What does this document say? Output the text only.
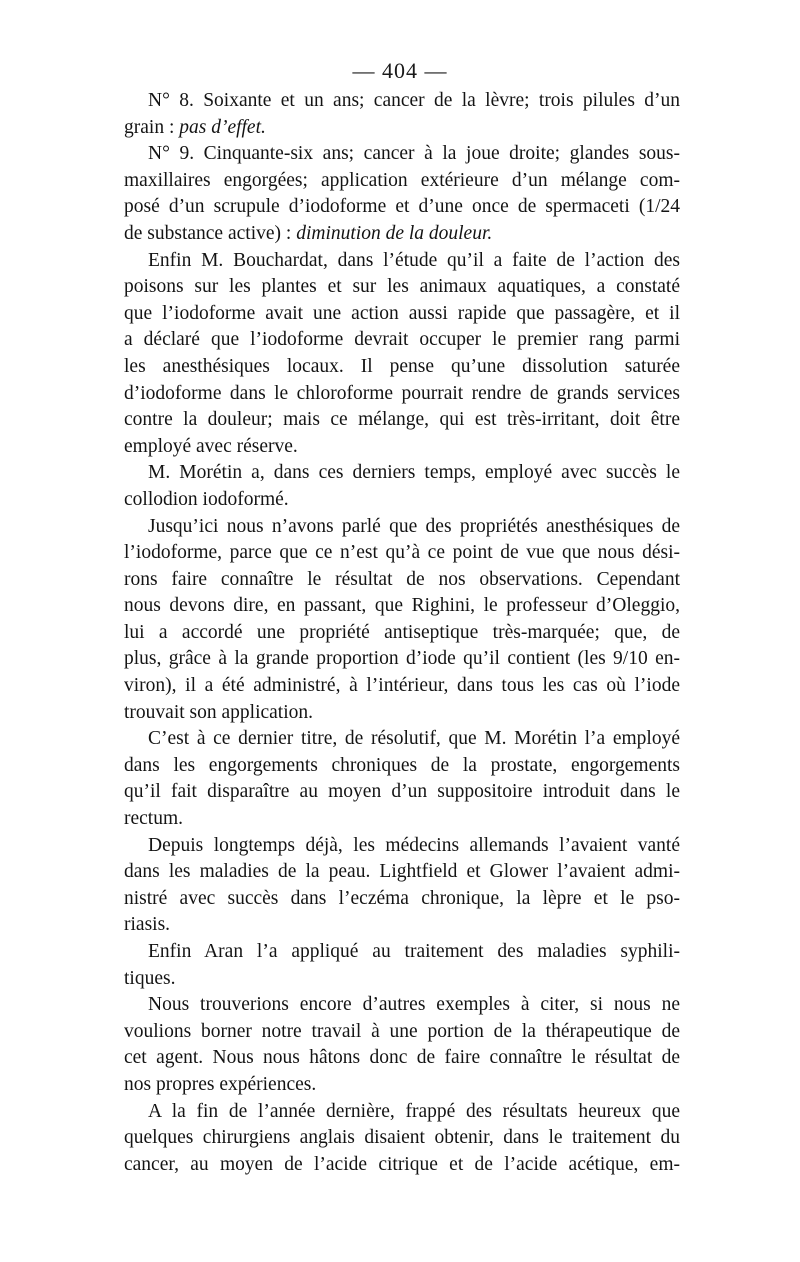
— 404 —
N° 8. Soixante et un ans; cancer de la lèvre; trois pilules d’un
grain : pas d’effet.
N° 9. Cinquante-six ans; cancer à la joue droite; glandes sous-
maxillaires engorgées; application extérieure d’un mélange com-
posé d’un scrupule d’iodoforme et d’une once de spermaceti (1/24
de substance active) : diminution de la douleur.
Enfin M. Bouchardat, dans l’étude qu’il a faite de l’action des
poisons sur les plantes et sur les animaux aquatiques, a constaté
que l’iodoforme avait une action aussi rapide que passagère, et il
a déclaré que l’iodoforme devrait occuper le premier rang parmi
les anesthésiques locaux. Il pense qu’une dissolution saturée
d’iodoforme dans le chloroforme pourrait rendre de grands services
contre la douleur; mais ce mélange, qui est très-irritant, doit être
employé avec réserve.
M. Morétin a, dans ces derniers temps, employé avec succès le
collodion iodoformé.
Jusqu’ici nous n’avons parlé que des propriétés anesthésiques de
l’iodoforme, parce que ce n’est qu’à ce point de vue que nous dési-
rons faire connaître le résultat de nos observations. Cependant
nous devons dire, en passant, que Righini, le professeur d’Oleggio,
lui a accordé une propriété antiseptique très-marquée; que, de
plus, grâce à la grande proportion d’iode qu’il contient (les 9/10 en-
viron), il a été administré, à l’intérieur, dans tous les cas où l’iode
trouvait son application.
C’est à ce dernier titre, de résolutif, que M. Morétin l’a employé
dans les engorgements chroniques de la prostate, engorgements
qu’il fait disparaître au moyen d’un suppositoire introduit dans le
rectum.
Depuis longtemps déjà, les médecins allemands l’avaient vanté
dans les maladies de la peau. Lightfield et Glower l’avaient admi-
nistré avec succès dans l’eczéma chronique, la lèpre et le pso-
riasis.
Enfin Aran l’a appliqué au traitement des maladies syphili-
tiques.
Nous trouverions encore d’autres exemples à citer, si nous ne
voulions borner notre travail à une portion de la thérapeutique de
cet agent. Nous nous hâtons donc de faire connaître le résultat de
nos propres expériences.
A la fin de l’année dernière, frappé des résultats heureux que
quelques chirurgiens anglais disaient obtenir, dans le traitement du
cancer, au moyen de l’acide citrique et de l’acide acétique, em-
